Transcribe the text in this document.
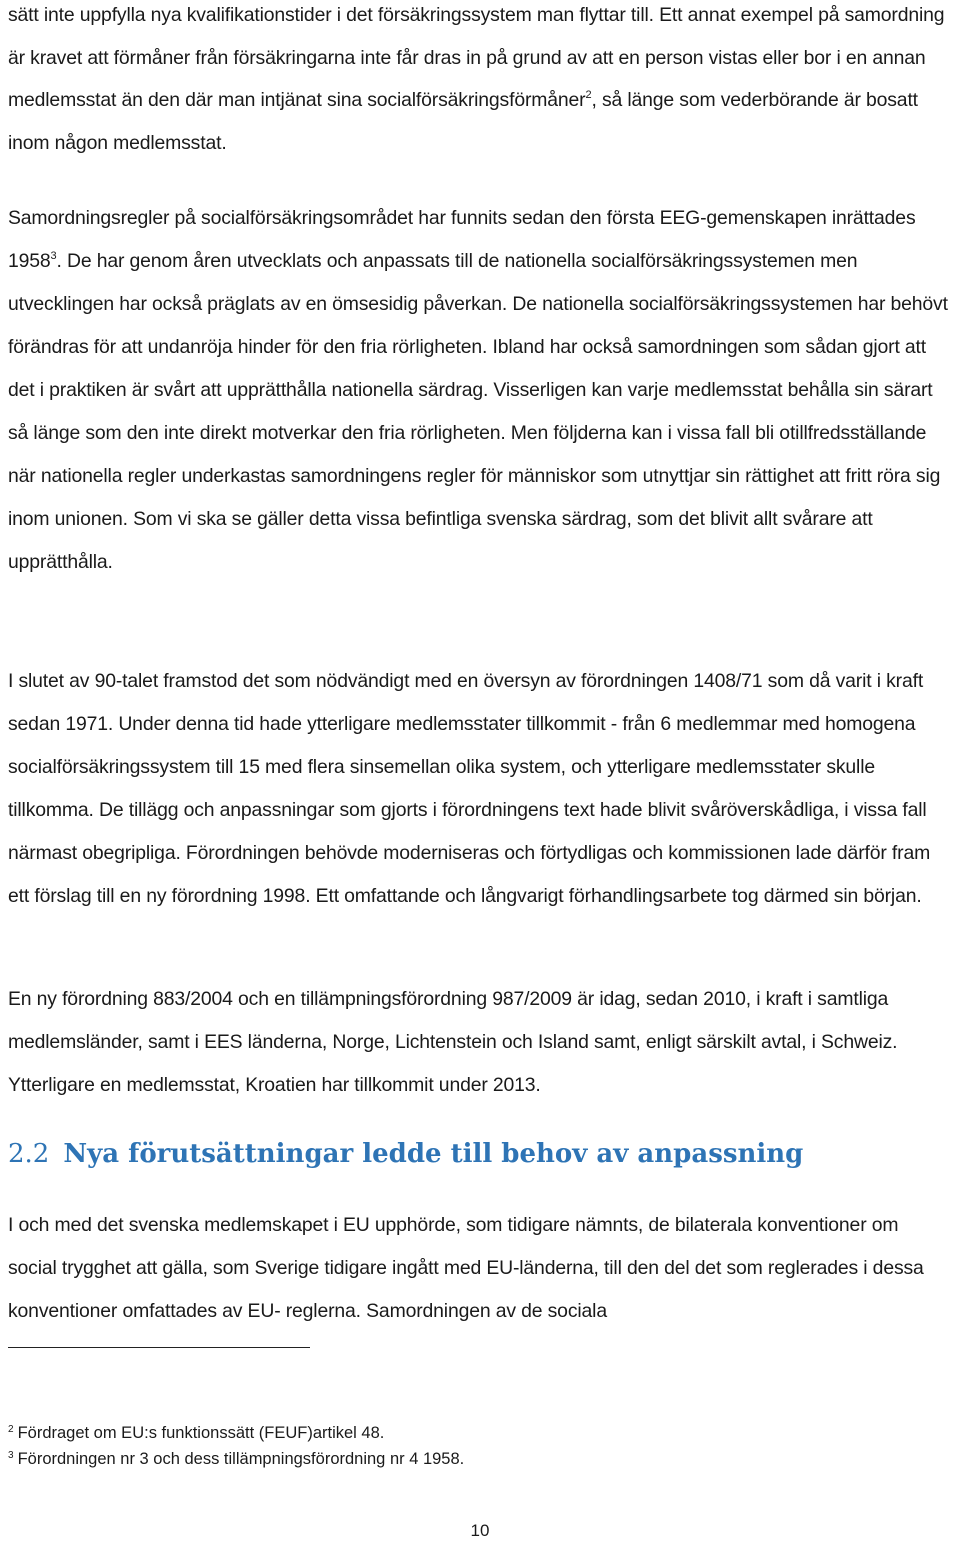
sätt inte uppfylla nya kvalifikationstider i det försäkringssystem man flyttar till. Ett annat exempel på samordning är kravet att förmåner från försäkringarna inte får dras in på grund av att en person vistas eller bor i en annan medlemsstat än den där man intjänat sina socialförsäkringsförmåner$^2$, så länge som vederbörande är bosatt inom någon medlemsstat.

Samordningsregler på socialförsäkringsområdet har funnits sedan den första EEG-gemenskapen inrättades 1958$^3$. De har genom åren utvecklats och anpassats till de nationella socialförsäkringssystemen men utvecklingen har också präglats av en ömsesidig påverkan. De nationella socialförsäkringssystemen har behövt förändras för att undanröja hinder för den fria rörligheten. Ibland har också samordningen som sådan gjort att det i praktiken är svårt att upprätthålla nationella särdrag. Visserligen kan varje medlemsstat behålla sin särart så länge som den inte direkt motverkar den fria rörligheten. Men följderna kan i vissa fall bli otillfredsställande när nationella regler underkastas samordningens regler för människor som utnyttjar sin rättighet att fritt röra sig inom unionen. Som vi ska se gäller detta vissa befintliga svenska särdrag, som det blivit allt svårare att upprätthålla.

I slutet av 90-talet framstod det som nödvändigt med en översyn av förordningen 1408/71 som då varit i kraft sedan 1971. Under denna tid hade ytterligare medlemsstater tillkommit - från 6 medlemmar med homogena socialförsäkringssystem till 15 med flera sinsemellan olika system, och ytterligare medlemsstater skulle tillkomma. De tillägg och anpassningar som gjorts i förordningens text hade blivit svåröverskådliga, i vissa fall närmast obegripliga. Förordningen behövde moderniseras och förtydligas och kommissionen lade därför fram ett förslag till en ny förordning 1998. Ett omfattande och långvarigt förhandlingsarbete tog därmed sin början.

En ny förordning 883/2004 och en tillämpningsförordning 987/2009 är idag, sedan 2010, i kraft i samtliga medlemsländer, samt i EES länderna, Norge, Lichtenstein och Island samt, enligt särskilt avtal, i Schweiz. Ytterligare en medlemsstat, Kroatien har tillkommit under 2013.

2.2 Nya förutsättningar ledde till behov av anpassning

I och med det svenska medlemskapet i EU upphörde, som tidigare nämnts, de bilaterala konventioner om social trygghet att gälla, som Sverige tidigare ingått med EU-länderna, till den del det som reglerades i dessa konventioner omfattades av EU- reglerna. Samordningen av de sociala

$^2$ Fördraget om EU:s funktionssätt (FEUF)artikel 48.

$^3$ Förordningen nr 3 och dess tillämpningsförordning nr 4 1958.

10
